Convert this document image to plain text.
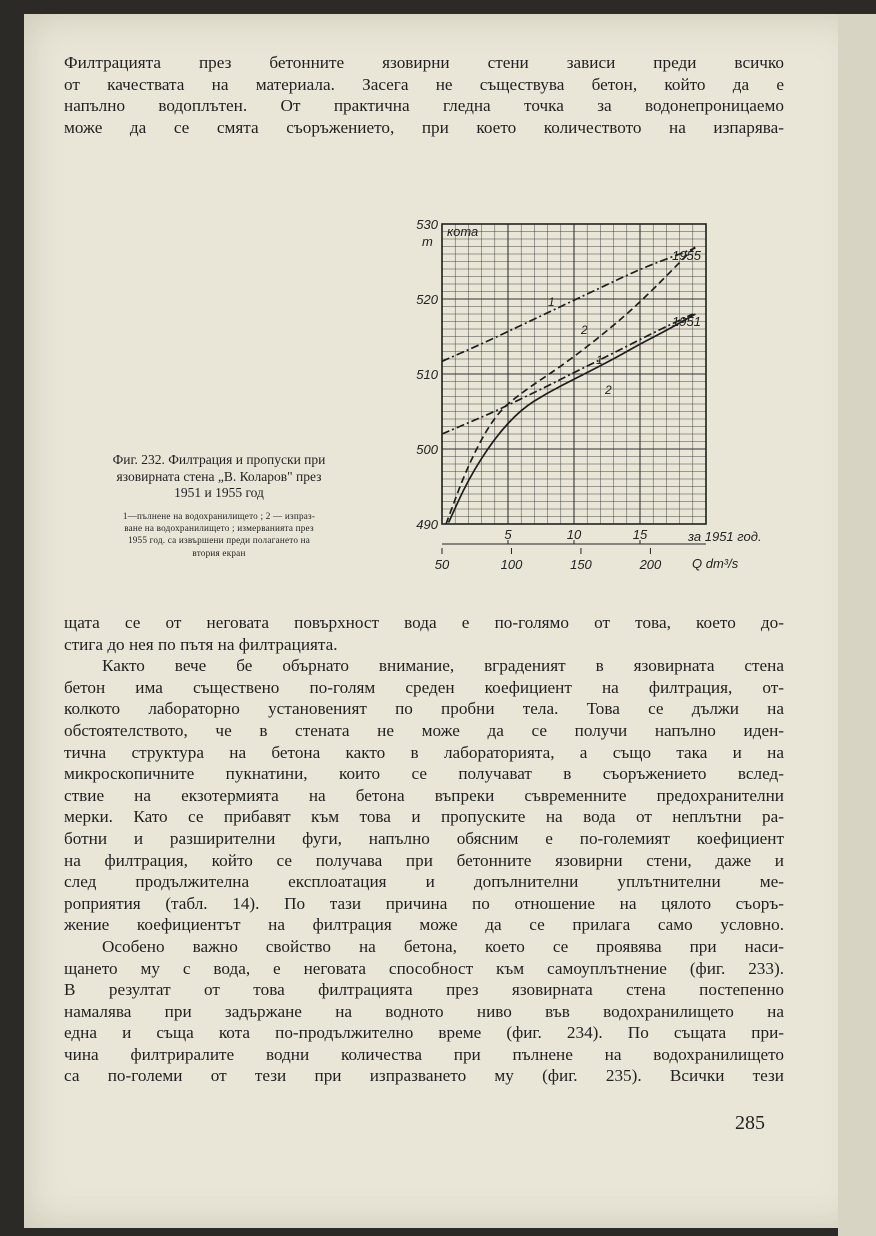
Филтрацията през бетонните язовирни стени зависи преди всичко
от качествата на материала. Засега не съществува бетон, който да е
напълно водоплътен. От практична гледна точка за водонепроницаемо
може да се смята съоръжението, при което количеството на изпарява-

Фиг. 232. Филтрация и пропуски при
язовирната стена „В. Коларов" през
1951 и 1955 год

1—пълнене на водохранилището ; 2 — изпраз-
ване на водохранилището ; измерванията през
1955 год. са извършени преди полагането на
втория екран

m
кота
за 1951 год.
Q dm³/s
1955
1951
1
2
1
2
490
500
510
520
530
5	10	15
50	100	150	200
щата се от неговата повърхност вода е по-голямо от това, което до-
стига до нея по пътя на филтрацията.
Както вече бе обърнато внимание, вграденият в язовирната стена
бетон има съществено по-голям среден коефициент на филтрация, от-
колкото лабораторно установеният по пробни тела. Това се дължи на
обстоятелството, че в стената не може да се получи напълно иден-
тична структура на бетона както в лабораторията, а също така и на
микроскопичните пукнатини, които се получават в съоръжението вслед-
ствие на екзотермията на бетона въпреки съвременните предохранителни
мерки. Като се прибавят към това и пропуските на вода от неплътни ра-
ботни и разширителни фуги, напълно обясним е по-големият коефициент
на филтрация, който се получава при бетонните язовирни стени, даже и
след продължителна експлоатация и допълнителни уплътнителни ме-
роприятия (табл. 14). По тази причина по отношение на цялото съоръ-
жение коефициентът на филтрация може да се прилага само условно.
Особено важно свойство на бетона, което се проявява при наси-
щането му с вода, е неговата способност към самоуплътнение (фиг. 233).
В резултат от това филтрацията през язовирната стена постепенно
намалява при задържане на водното ниво във водохранилището на
една и съща кота по-продължително време (фиг. 234). По същата при-
чина филтриралите водни количества при пълнене на водохранилището
са по-големи от тези при изпразването му (фиг. 235). Всички тези
285
